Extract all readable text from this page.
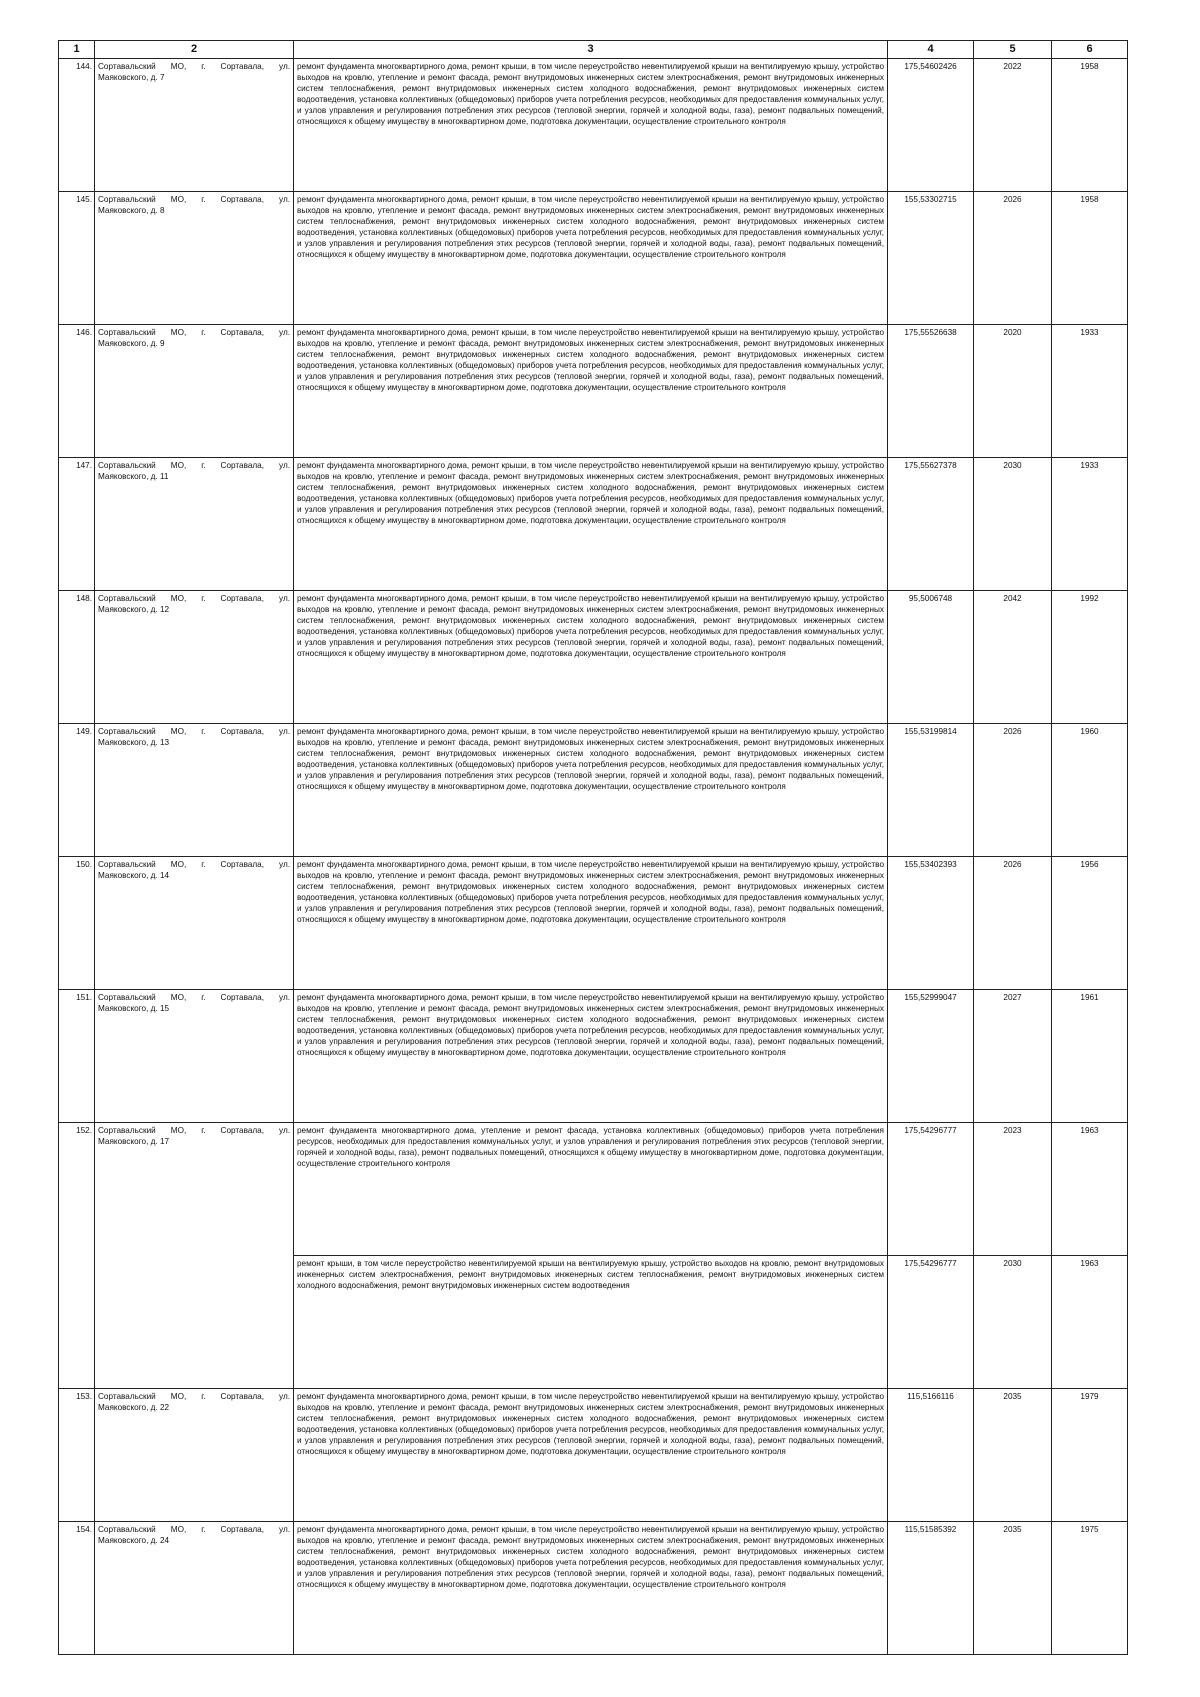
1	2	3	4	5	6
144.	Сортавальский МО, г. Сортавала, ул. Маяковского, д. 7	ремонт фундамента многоквартирного дома, ремонт крыши, в том числе переустройство невентилируемой крыши на вентилируемую крышу, устройство выходов на кровлю, утепление и ремонт фасада, ремонт внутридомовых инженерных систем электроснабжения, ремонт внутридомовых инженерных систем теплоснабжения, ремонт внутридомовых инженерных систем холодного водоснабжения, ремонт внутридомовых инженерных систем водоотведения, установка коллективных (общедомовых) приборов учета потребления ресурсов, необходимых для предоставления коммунальных услуг, и узлов управления и регулирования потребления этих ресурсов (тепловой энергии, горячей и холодной воды, газа), ремонт подвальных помещений, относящихся к общему имуществу в многоквартирном доме, подготовка документации, осуществление строительного контроля	175,54602426	2022	1958
145.	Сортавальский МО, г. Сортавала, ул. Маяковского, д. 8	ремонт фундамента многоквартирного дома, ремонт крыши, в том числе переустройство невентилируемой крыши на вентилируемую крышу, устройство выходов на кровлю, утепление и ремонт фасада, ремонт внутридомовых инженерных систем электроснабжения, ремонт внутридомовых инженерных систем теплоснабжения, ремонт внутридомовых инженерных систем холодного водоснабжения, ремонт внутридомовых инженерных систем водоотведения, установка коллективных (общедомовых) приборов учета потребления ресурсов, необходимых для предоставления коммунальных услуг, и узлов управления и регулирования потребления этих ресурсов (тепловой энергии, горячей и холодной воды, газа), ремонт подвальных помещений, относящихся к общему имуществу в многоквартирном доме, подготовка документации, осуществление строительного контроля	155,53302715	2026	1958
146.	Сортавальский МО, г. Сортавала, ул. Маяковского, д. 9	ремонт фундамента многоквартирного дома, ремонт крыши, в том числе переустройство невентилируемой крыши на вентилируемую крышу, устройство выходов на кровлю, утепление и ремонт фасада, ремонт внутридомовых инженерных систем электроснабжения, ремонт внутридомовых инженерных систем теплоснабжения, ремонт внутридомовых инженерных систем холодного водоснабжения, ремонт внутридомовых инженерных систем водоотведения, установка коллективных (общедомовых) приборов учета потребления ресурсов, необходимых для предоставления коммунальных услуг, и узлов управления и регулирования потребления этих ресурсов (тепловой энергии, горячей и холодной воды, газа), ремонт подвальных помещений, относящихся к общему имуществу в многоквартирном доме, подготовка документации, осуществление строительного контроля	175,55526638	2020	1933
147.	Сортавальский МО, г. Сортавала, ул. Маяковского, д. 11	ремонт фундамента многоквартирного дома, ремонт крыши, в том числе переустройство невентилируемой крыши на вентилируемую крышу, устройство выходов на кровлю, утепление и ремонт фасада, ремонт внутридомовых инженерных систем электроснабжения, ремонт внутридомовых инженерных систем теплоснабжения, ремонт внутридомовых инженерных систем холодного водоснабжения, ремонт внутридомовых инженерных систем водоотведения, установка коллективных (общедомовых) приборов учета потребления ресурсов, необходимых для предоставления коммунальных услуг, и узлов управления и регулирования потребления этих ресурсов (тепловой энергии, горячей и холодной воды, газа), ремонт подвальных помещений, относящихся к общему имуществу в многоквартирном доме, подготовка документации, осуществление строительного контроля	175,55627378	2030	1933
148.	Сортавальский МО, г. Сортавала, ул. Маяковского, д. 12	ремонт фундамента многоквартирного дома, ремонт крыши, в том числе переустройство невентилируемой крыши на вентилируемую крышу, устройство выходов на кровлю, утепление и ремонт фасада, ремонт внутридомовых инженерных систем электроснабжения, ремонт внутридомовых инженерных систем теплоснабжения, ремонт внутридомовых инженерных систем холодного водоснабжения, ремонт внутридомовых инженерных систем водоотведения, установка коллективных (общедомовых) приборов учета потребления ресурсов, необходимых для предоставления коммунальных услуг, и узлов управления и регулирования потребления этих ресурсов (тепловой энергии, горячей и холодной воды, газа), ремонт подвальных помещений, относящихся к общему имуществу в многоквартирном доме, подготовка документации, осуществление строительного контроля	95,5006748	2042	1992
149.	Сортавальский МО, г. Сортавала, ул. Маяковского, д. 13	ремонт фундамента многоквартирного дома, ремонт крыши, в том числе переустройство невентилируемой крыши на вентилируемую крышу, устройство выходов на кровлю, утепление и ремонт фасада, ремонт внутридомовых инженерных систем электроснабжения, ремонт внутридомовых инженерных систем теплоснабжения, ремонт внутридомовых инженерных систем холодного водоснабжения, ремонт внутридомовых инженерных систем водоотведения, установка коллективных (общедомовых) приборов учета потребления ресурсов, необходимых для предоставления коммунальных услуг, и узлов управления и регулирования потребления этих ресурсов (тепловой энергии, горячей и холодной воды, газа), ремонт подвальных помещений, относящихся к общему имуществу в многоквартирном доме, подготовка документации, осуществление строительного контроля	155,53199814	2026	1960
150.	Сортавальский МО, г. Сортавала, ул. Маяковского, д. 14	ремонт фундамента многоквартирного дома, ремонт крыши, в том числе переустройство невентилируемой крыши на вентилируемую крышу, устройство выходов на кровлю, утепление и ремонт фасада, ремонт внутридомовых инженерных систем электроснабжения, ремонт внутридомовых инженерных систем теплоснабжения, ремонт внутридомовых инженерных систем холодного водоснабжения, ремонт внутридомовых инженерных систем водоотведения, установка коллективных (общедомовых) приборов учета потребления ресурсов, необходимых для предоставления коммунальных услуг, и узлов управления и регулирования потребления этих ресурсов (тепловой энергии, горячей и холодной воды, газа), ремонт подвальных помещений, относящихся к общему имуществу в многоквартирном доме, подготовка документации, осуществление строительного контроля	155,53402393	2026	1956
151.	Сортавальский МО, г. Сортавала, ул. Маяковского, д. 15	ремонт фундамента многоквартирного дома, ремонт крыши, в том числе переустройство невентилируемой крыши на вентилируемую крышу, устройство выходов на кровлю, утепление и ремонт фасада, ремонт внутридомовых инженерных систем электроснабжения, ремонт внутридомовых инженерных систем теплоснабжения, ремонт внутридомовых инженерных систем холодного водоснабжения, ремонт внутридомовых инженерных систем водоотведения, установка коллективных (общедомовых) приборов учета потребления ресурсов, необходимых для предоставления коммунальных услуг, и узлов управления и регулирования потребления этих ресурсов (тепловой энергии, горячей и холодной воды, газа), ремонт подвальных помещений, относящихся к общему имуществу в многоквартирном доме, подготовка документации, осуществление строительного контроля	155,52999047	2027	1961
152.	Сортавальский МО, г. Сортавала, ул. Маяковского, д. 17	ремонт фундамента многоквартирного дома, утепление и ремонт фасада, установка коллективных (общедомовых) приборов учета потребления ресурсов, необходимых для предоставления коммунальных услуг, и узлов управления и регулирования потребления этих ресурсов (тепловой энергии, горячей и холодной воды, газа), ремонт подвальных помещений, относящихся к общему имуществу в многоквартирном доме, подготовка документации, осуществление строительного контроля	175,54296777	2023	1963
		ремонт крыши, в том числе переустройство невентилируемой крыши на вентилируемую крышу, устройство выходов на кровлю, ремонт внутридомовых инженерных систем электроснабжения, ремонт внутридомовых инженерных систем теплоснабжения, ремонт внутридомовых инженерных систем холодного водоснабжения, ремонт внутридомовых инженерных систем водоотведения	175,54296777	2030	1963
153.	Сортавальский МО, г. Сортавала, ул. Маяковского, д. 22	ремонт фундамента многоквартирного дома, ремонт крыши, в том числе переустройство невентилируемой крыши на вентилируемую крышу, устройство выходов на кровлю, утепление и ремонт фасада, ремонт внутридомовых инженерных систем электроснабжения, ремонт внутридомовых инженерных систем теплоснабжения, ремонт внутридомовых инженерных систем холодного водоснабжения, ремонт внутридомовых инженерных систем водоотведения, установка коллективных (общедомовых) приборов учета потребления ресурсов, необходимых для предоставления коммунальных услуг, и узлов управления и регулирования потребления этих ресурсов (тепловой энергии, горячей и холодной воды, газа), ремонт подвальных помещений, относящихся к общему имуществу в многоквартирном доме, подготовка документации, осуществление строительного контроля	115,5166116	2035	1979
154.	Сортавальский МО, г. Сортавала, ул. Маяковского, д. 24	ремонт фундамента многоквартирного дома, ремонт крыши, в том числе переустройство невентилируемой крыши на вентилируемую крышу, устройство выходов на кровлю, утепление и ремонт фасада, ремонт внутридомовых инженерных систем электроснабжения, ремонт внутридомовых инженерных систем теплоснабжения, ремонт внутридомовых инженерных систем холодного водоснабжения, ремонт внутридомовых инженерных систем водоотведения, установка коллективных (общедомовых) приборов учета потребления ресурсов, необходимых для предоставления коммунальных услуг, и узлов управления и регулирования потребления этих ресурсов (тепловой энергии, горячей и холодной воды, газа), ремонт подвальных помещений, относящихся к общему имуществу в многоквартирном доме, подготовка документации, осуществление строительного контроля	115,51585392	2035	1975
